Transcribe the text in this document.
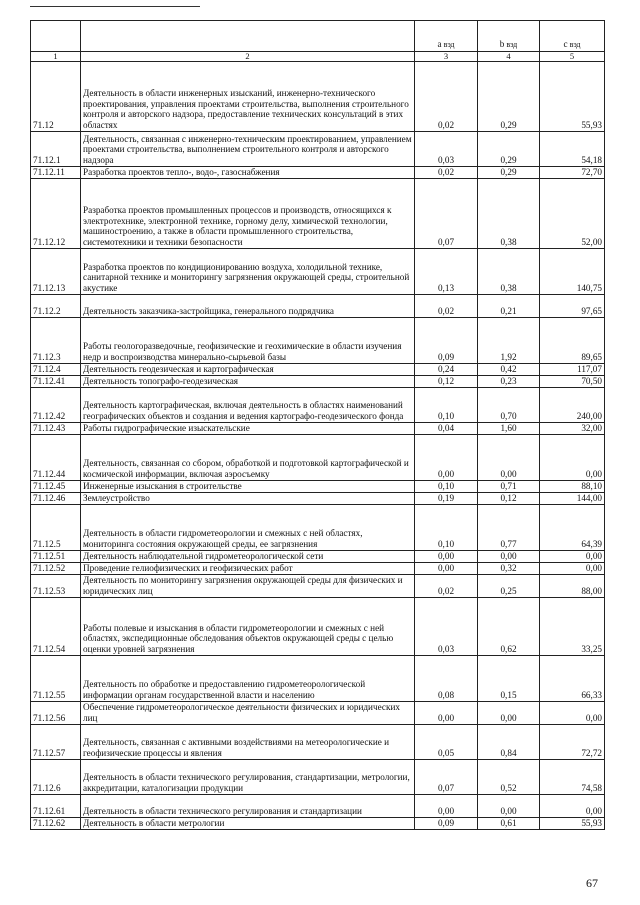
		a вэд	b вэд	c вэд
1	2	3	4	5
71.12	Деятельность в области инженерных изысканий, инженерно-технического проектирования, управления проектами строительства, выполнения строительного контроля и авторского надзора, предоставление технических консультаций в этих областях	0,02	0,29	55,93
71.12.1	Деятельность, связанная с инженерно-техническим проектированием, управлением проектами строительства, выполнением строительного контроля и авторского надзора	0,03	0,29	54,18
71.12.11	Разработка проектов тепло-, водо-, газоснабжения	0,02	0,29	72,70
71.12.12	Разработка проектов промышленных процессов и производств, относящихся к электротехнике, электронной технике, горному делу, химической технологии, машиностроению, а также в области промышленного строительства, системотехники и техники безопасности	0,07	0,38	52,00
71.12.13	Разработка проектов по кондиционированию воздуха, холодильной технике, санитарной технике и мониторингу загрязнения окружающей среды, строительной акустике	0,13	0,38	140,75
71.12.2	Деятельность заказчика-застройщика, генерального подрядчика	0,02	0,21	97,65
71.12.3	Работы геологоразведочные, геофизические и геохимические в области изучения недр и воспроизводства минерально-сырьевой базы	0,09	1,92	89,65
71.12.4	Деятельность геодезическая и картографическая	0,24	0,42	117,07
71.12.41	Деятельность топографо-геодезическая	0,12	0,23	70,50
71.12.42	Деятельность картографическая, включая деятельность в областях наименований географических объектов и создания и ведения картографо-геодезического фонда	0,10	0,70	240,00
71.12.43	Работы гидрографические изыскательские	0,04	1,60	32,00
71.12.44	Деятельность, связанная со сбором, обработкой и подготовкой картографической и космической информации, включая аэросъемку	0,00	0,00	0,00
71.12.45	Инженерные изыскания в строительстве	0,10	0,71	88,10
71.12.46	Землеустройство	0,19	0,12	144,00
71.12.5	Деятельность в области гидрометеорологии и смежных с ней областях, мониторинга состояния окружающей среды, ее загрязнения	0,10	0,77	64,39
71.12.51	Деятельность наблюдательной гидрометеорологической сети	0,00	0,00	0,00
71.12.52	Проведение гелиофизических и геофизических работ	0,00	0,32	0,00
71.12.53	Деятельность по мониторингу загрязнения окружающей среды для физических и юридических лиц	0,02	0,25	88,00
71.12.54	Работы полевые и изыскания в области гидрометеорологии и смежных с ней областях, экспедиционные обследования объектов окружающей среды с целью оценки уровней загрязнения	0,03	0,62	33,25
71.12.55	Деятельность по обработке и предоставлению гидрометеорологической информации органам государственной власти и населению	0,08	0,15	66,33
71.12.56	Обеспечение гидрометеорологическое деятельности физических и юридических лиц	0,00	0,00	0,00
71.12.57	Деятельность, связанная с активными воздействиями на метеорологические и геофизические процессы и явления	0,05	0,84	72,72
71.12.6	Деятельность в области технического регулирования, стандартизации, метрологии, аккредитации, каталогизации продукции	0,07	0,52	74,58
71.12.61	Деятельность в области технического регулирования и стандартизации	0,00	0,00	0,00
71.12.62	Деятельность в области метрологии	0,09	0,61	55,93
67
